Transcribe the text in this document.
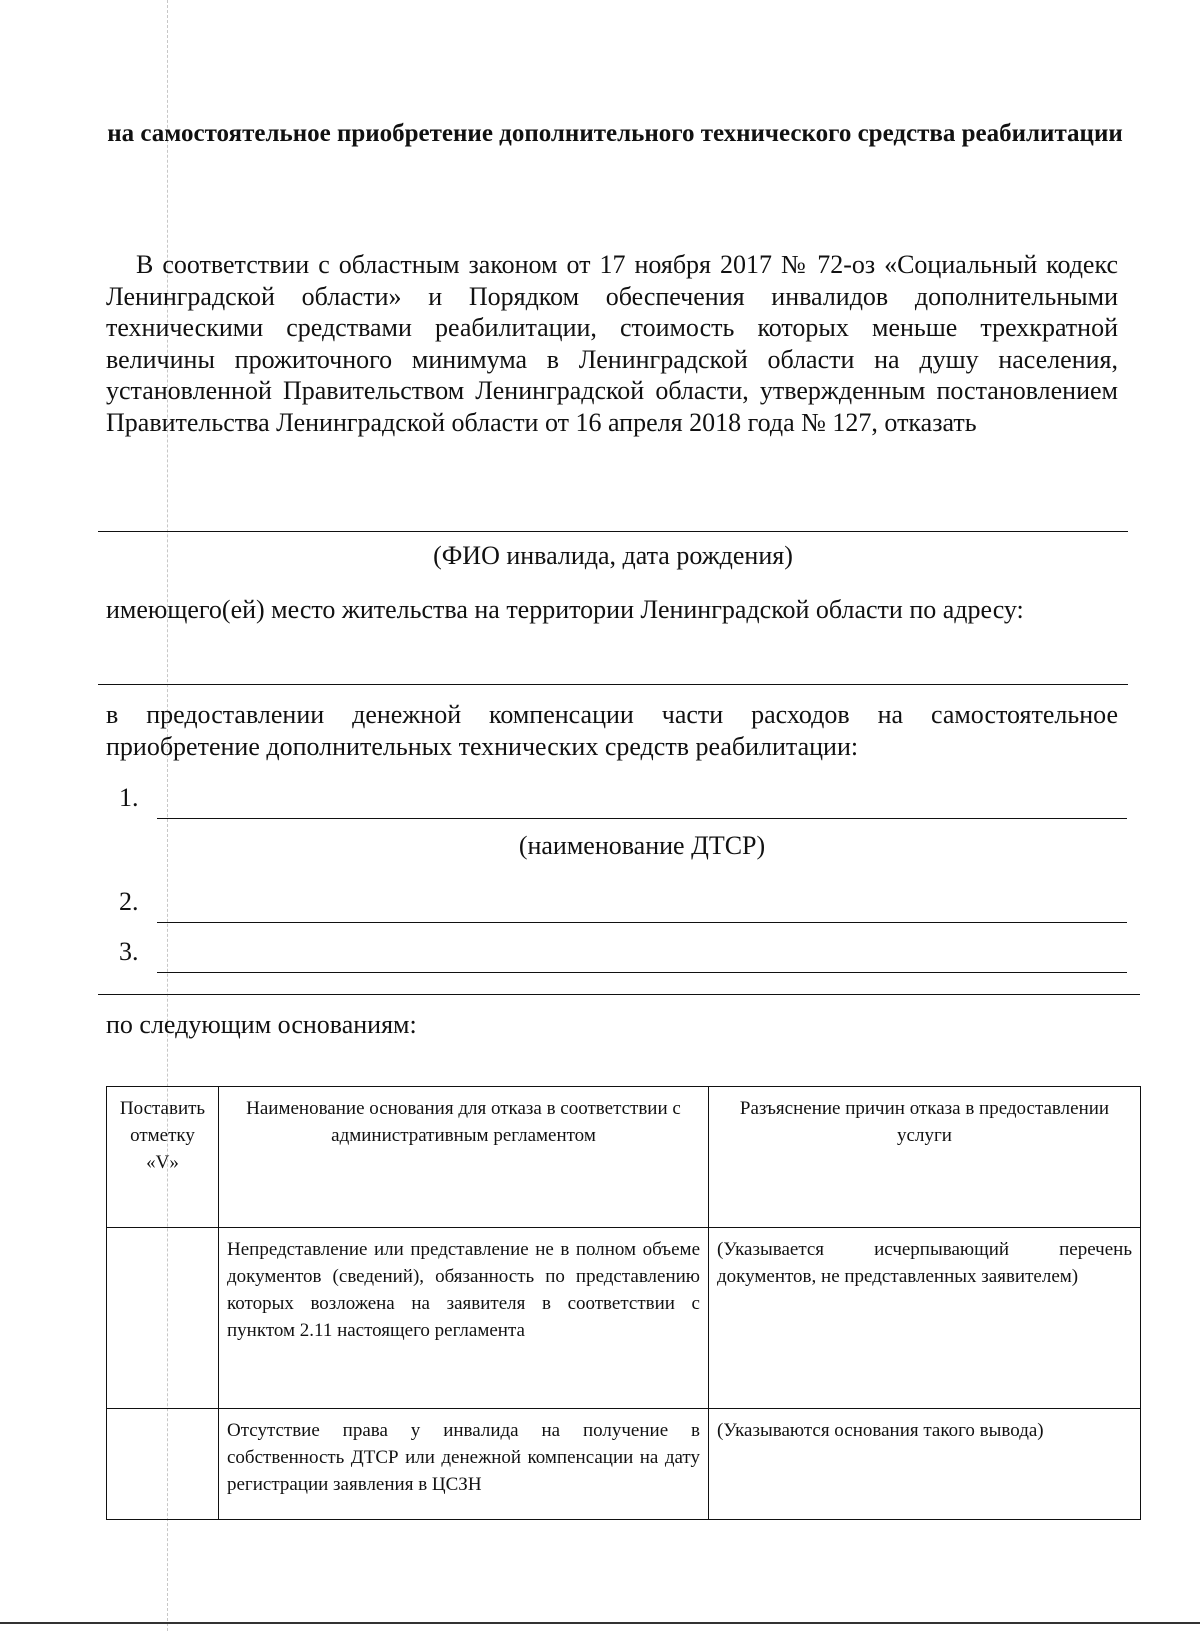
на самостоятельное приобретение дополнительного технического средства реабилитации

В соответствии с областным законом от 17 ноября 2017 № 72-оз «Социальный кодекс Ленинградской области» и Порядком обеспечения инвалидов дополнительными техническими средствами реабилитации, стоимость которых меньше трехкратной величины прожиточного минимума в Ленинградской области на душу населения, установленной Правительством Ленинградской области, утвержденным постановлением Правительства Ленинградской области от 16 апреля 2018 года № 127, отказать

(ФИО инвалида, дата рождения)

имеющего(ей) место жительства на территории Ленинградской области по адресу:

в предоставлении денежной компенсации части расходов на самостоятельное приобретение дополнительных технических средств реабилитации:

1.

(наименование ДТСР)

2.
3.

по следующим основаниям:

Поставить отметку «V»	Наименование основания для отказа в соответствии с административным регламентом	Разъяснение причин отказа в предоставлении услуги
	Непредставление или представление не в полном объеме документов (сведений), обязанность по представлению которых возложена на заявителя в соответствии с пунктом 2.11 настоящего регламента	(Указывается исчерпывающий перечень документов, не представленных заявителем)
	Отсутствие права у инвалида на получение в собственность ДТСР или денежной компенсации на дату регистрации заявления в ЦСЗН	(Указываются основания такого вывода)
